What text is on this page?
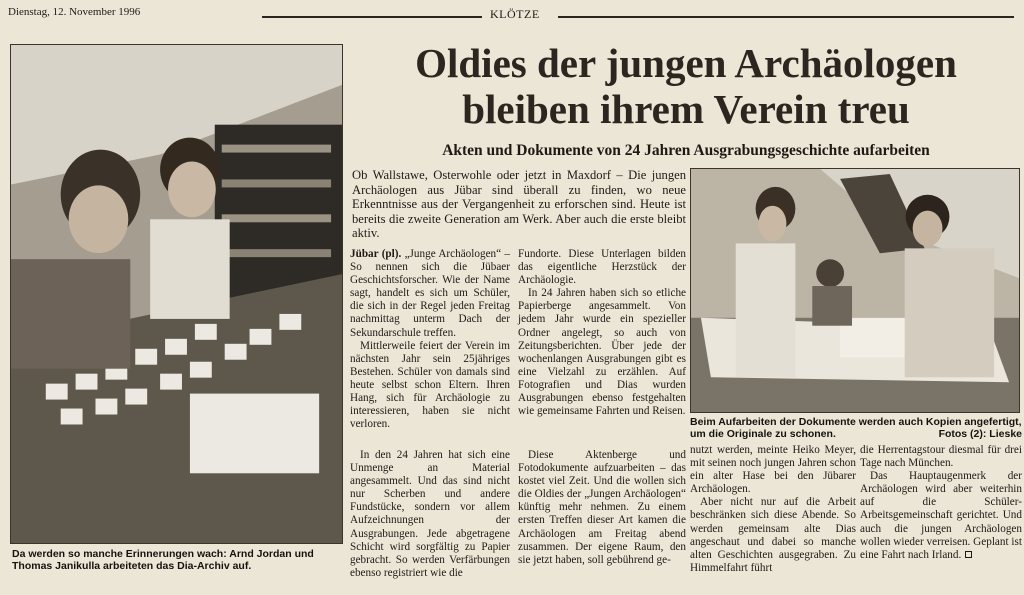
Dienstag, 12. November 1996	KLÖTZE
Da werden so manche Erinnerungen wach: Arnd Jordan und Thomas Janikulla arbeiteten das Dia-Archiv auf.
Oldies der jungen Archäologen
bleiben ihrem Verein treu
Akten und Dokumente von 24 Jahren Ausgrabungsgeschichte aufarbeiten
Ob Wallstawe, Osterwohle oder jetzt in Maxdorf – Die jungen Archäologen aus Jübar sind überall zu finden, wo neue Erkenntnisse aus der Vergangenheit zu erforschen sind. Heute ist bereits die zweite Generation am Werk. Aber auch die erste bleibt aktiv.
Beim Aufarbeiten der Dokumente werden auch Kopien angefertigt, um die Originale zu schonen.	Fotos (2): Lieske
Jübar (pl). „Junge Archäologen“ – So nennen sich die Jübaer Geschichtsforscher. Wie der Name sagt, handelt es sich um Schüler, die sich in der Regel jeden Freitag nachmittag unterm Dach der Sekundarschule treffen.

Mittlerweile feiert der Verein im nächsten Jahr sein 25jähriges Bestehen. Schüler von damals sind heute selbst schon Eltern. Ihren Hang, sich für Archäologie zu interessieren, haben sie nicht verloren.

Fundorte. Diese Unterlagen bilden das eigentliche Herzstück der Archäologie.

In 24 Jahren haben sich so etliche Papierberge angesammelt. Von jedem Jahr wurde ein spezieller Ordner angelegt, so auch von Zeitungsberichten. Über jede der wochenlangen Ausgrabungen gibt es eine Vielzahl zu erzählen. Auf Fotografien und Dias wurden Ausgrabungen ebenso festgehalten wie gemeinsame Fahrten und Reisen.

In den 24 Jahren hat sich eine Unmenge an Material angesammelt. Und das sind nicht nur Scherben und andere Fundstücke, sondern vor allem Aufzeichnungen der Ausgrabungen. Jede abgetragene Schicht wird sorgfältig zu Papier gebracht. So werden Verfärbungen ebenso registriert wie die

Diese Aktenberge und Fotodokumente aufzuarbeiten – das kostet viel Zeit. Und die wollen sich die Oldies der „Jungen Archäologen“ künftig mehr nehmen. Zu einem ersten Treffen dieser Art kamen die Archäologen am Freitag abend zusammen. Der eigene Raum, den sie jetzt haben, soll gebührend ge-

nutzt werden, meinte Heiko Meyer, mit seinen noch jungen Jahren schon ein alter Hase bei den Jübarer Archäologen.

Aber nicht nur auf die Arbeit beschränken sich diese Abende. So werden gemeinsam alte Dias angeschaut und dabei so manche alten Geschichten ausgegraben. Zu Himmelfahrt führt

die Herrentagstour diesmal für drei Tage nach München.

Das Hauptaugenmerk der Archäologen wird aber weiterhin auf die Schüler-Arbeitsgemeinschaft gerichtet. Und auch die jungen Archäologen wollen wieder verreisen. Geplant ist eine Fahrt nach Irland.
